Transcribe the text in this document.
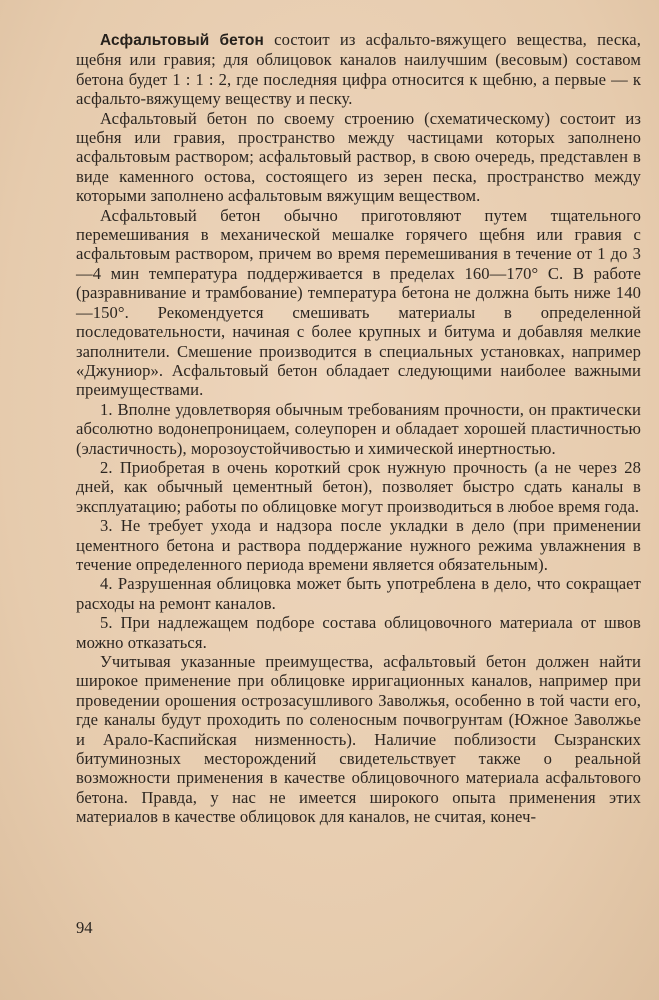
Асфальтовый бетон состоит из асфальто-вяжущего вещества, песка, щебня или гравия; для облицовок каналов наилучшим (весовым) составом бетона будет 1 : 1 : 2, где последняя цифра относится к щебню, а первые — к асфальто-вяжущему веществу и песку.

Асфальтовый бетон по своему строению (схематическому) состоит из щебня или гравия, пространство между частицами которых заполнено асфальтовым раствором; асфальтовый раствор, в свою очередь, представлен в виде каменного остова, состоящего из зерен песка, пространство между которыми заполнено асфальтовым вяжущим веществом.

Асфальтовый бетон обычно приготовляют путем тщательного перемешивания в механической мешалке горячего щебня или гравия с асфальтовым раствором, причем во время перемешивания в течение от 1 до 3—4 мин температура поддерживается в пределах 160—170° С. В работе (разравнивание и трамбование) температура бетона не должна быть ниже 140—150°. Рекомендуется смешивать материалы в определенной последовательности, начиная с более крупных и битума и добавляя мелкие заполнители. Смешение производится в специальных установках, например «Джуниор». Асфальтовый бетон обладает следующими наиболее важными преимуществами.

1. Вполне удовлетворяя обычным требованиям прочности, он практически абсолютно водонепроницаем, солеупорен и обладает хорошей пластичностью (эластичность), морозоустойчивостью и химической инертностью.

2. Приобретая в очень короткий срок нужную прочность (а не через 28 дней, как обычный цементный бетон), позволяет быстро сдать каналы в эксплуатацию; работы по облицовке могут производиться в любое время года.

3. Не требует ухода и надзора после укладки в дело (при применении цементного бетона и раствора поддержание нужного режима увлажнения в течение определенного периода времени является обязательным).

4. Разрушенная облицовка может быть употреблена в дело, что сокращает расходы на ремонт каналов.

5. При надлежащем подборе состава облицовочного материала от швов можно отказаться.

Учитывая указанные преимущества, асфальтовый бетон должен найти широкое применение при облицовке ирригационных каналов, например при проведении орошения острозасушливого Заволжья, особенно в той части его, где каналы будут проходить по соленосным почвогрунтам (Южное Заволжье и Арало-Каспийская низменность). Наличие поблизости Сызранских битуминозных месторождений свидетельствует также о реальной возможности применения в качестве облицовочного материала асфальтового бетона. Правда, у нас не имеется широкого опыта применения этих материалов в качестве облицовок для каналов, не считая, конеч-

94
